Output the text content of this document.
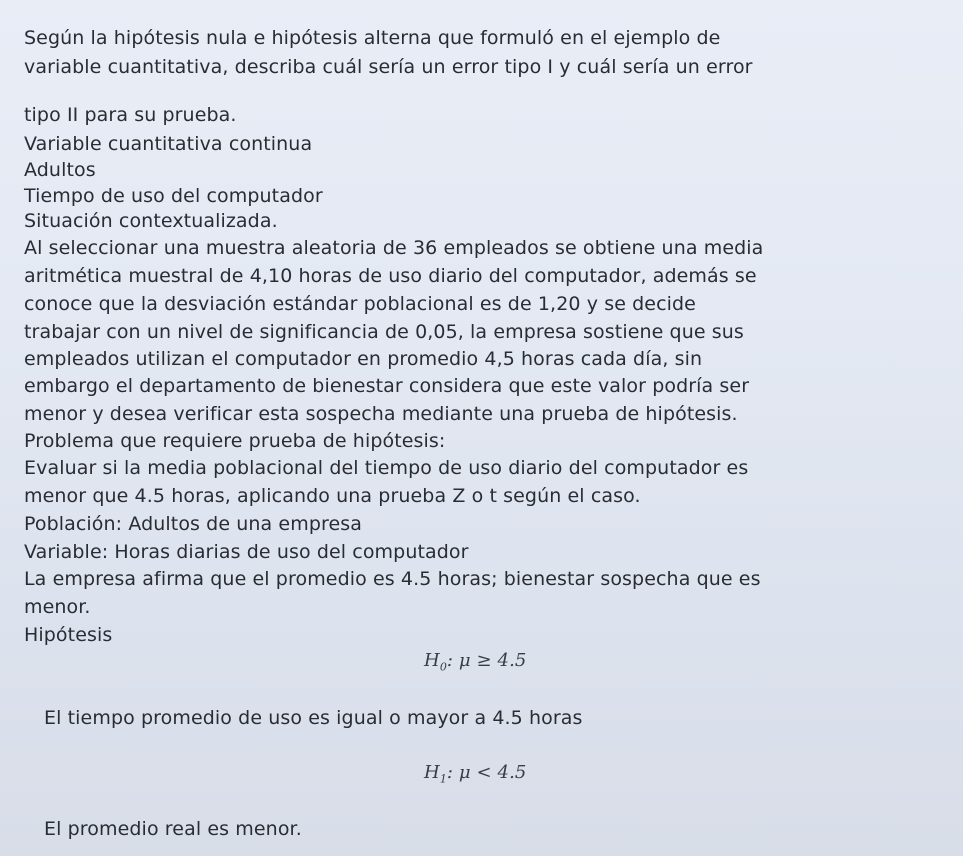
Según la hipótesis nula e hipótesis alterna que formuló en el ejemplo de
variable cuantitativa, describa cuál sería un error tipo I y cuál sería un error
tipo II para su prueba.
Variable cuantitativa continua
Adultos
Tiempo de uso del computador
Situación contextualizada.
Al seleccionar una muestra aleatoria de 36 empleados se obtiene una media
aritmética muestral de 4,10 horas de uso diario del computador, además se
conoce que la desviación estándar poblacional es de 1,20 y se decide
trabajar con un nivel de significancia de 0,05, la empresa sostiene que sus
empleados utilizan el computador en promedio 4,5 horas cada día, sin
embargo el departamento de bienestar considera que este valor podría ser
menor y desea verificar esta sospecha mediante una prueba de hipótesis.
Problema que requiere prueba de hipótesis:
Evaluar si la media poblacional del tiempo de uso diario del computador es
menor que 4.5 horas, aplicando una prueba Z o t según el caso.
Población: Adultos de una empresa
Variable: Horas diarias de uso del computador
La empresa afirma que el promedio es 4.5 horas; bienestar sospecha que es
menor.
Hipótesis
$H_0$: μ ≥ 4.5
El tiempo promedio de uso es igual o mayor a 4.5 horas
$H_1$: μ < 4.5
El promedio real es menor.
